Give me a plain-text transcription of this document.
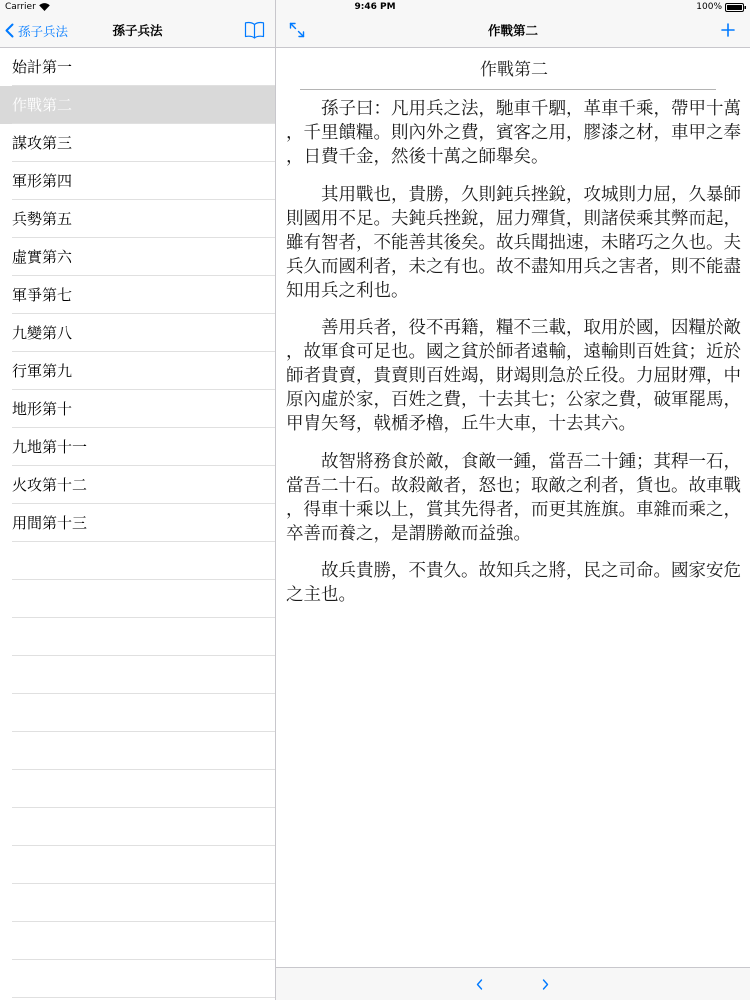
Carrier	9:46 PM	100%
孫子兵法	孫子兵法
始計第一
作戰第二
謀攻第三
軍形第四
兵勢第五
虛實第六
軍爭第七
九變第八
行軍第九
地形第十
九地第十一
火攻第十二
用間第十三
作戰第二
作戰第二

孫子曰：凡用兵之法，馳車千駟，革車千乘，帶甲十萬，千里饋糧。則內外之費，賓客之用，膠漆之材，車甲之奉，日費千金，然後十萬之師舉矣。

其用戰也，貴勝，久則鈍兵挫銳，攻城則力屈，久暴師則國用不足。夫鈍兵挫銳，屈力殫貨，則諸侯乘其弊而起，雖有智者，不能善其後矣。故兵聞拙速，未睹巧之久也。夫兵久而國利者，未之有也。故不盡知用兵之害者，則不能盡知用兵之利也。

善用兵者，役不再籍，糧不三載，取用於國，因糧於敵，故軍食可足也。國之貧於師者遠輸，遠輸則百姓貧；近於師者貴賣，貴賣則百姓竭，財竭則急於丘役。力屈財殫，中原內虛於家，百姓之費，十去其七；公家之費，破軍罷馬，甲胄矢弩，戟楯矛櫓，丘牛大車，十去其六。

故智將務食於敵，食敵一鍾，當吾二十鍾；萁稈一石，當吾二十石。故殺敵者，怒也；取敵之利者，貨也。故車戰，得車十乘以上，賞其先得者，而更其旌旗。車雜而乘之，卒善而養之，是謂勝敵而益強。

故兵貴勝，不貴久。故知兵之將，民之司命。國家安危之主也。
